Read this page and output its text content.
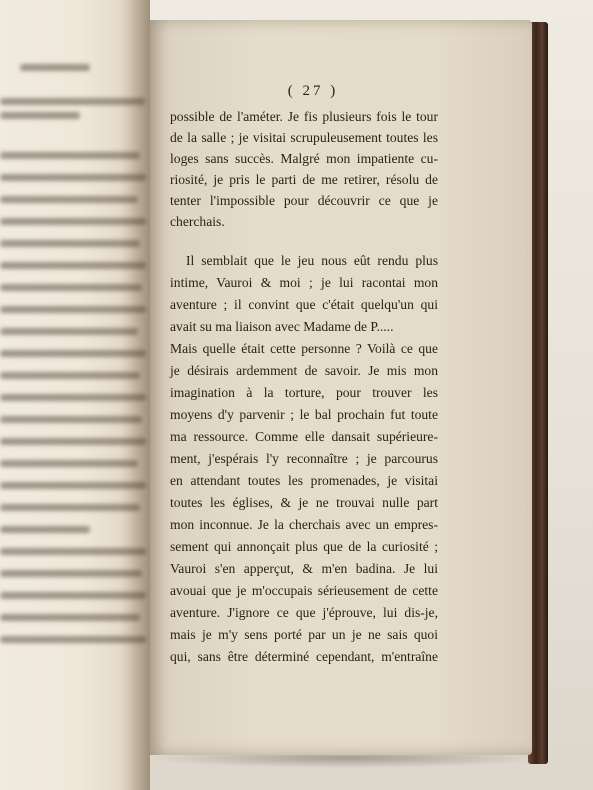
( 27 )
possible de l'améter. Je fis plusieurs fois le tour
de la salle ; je visitai scrupuleusement toutes les
loges sans succès. Malgré mon impatiente cu-
riosité, je pris le parti de me retirer, résolu de
tenter l'impossible pour découvrir ce que je
cherchais.
Il semblait que le jeu nous eût rendu plus
intime, Vauroi & moi ; je lui racontai mon
aventure ; il convint que c'était quelqu'un qui
avait su ma liaison avec Madame de P.....
Mais quelle était cette personne ? Voilà ce que
je désirais ardemment de savoir. Je mis mon
imagination à la torture, pour trouver les
moyens d'y parvenir ; le bal prochain fut toute
ma ressource. Comme elle dansait supérieure-
ment, j'espérais l'y reconnaître ; je parcourus
en attendant toutes les promenades, je visitai
toutes les églises, & je ne trouvai nulle part
mon inconnue. Je la cherchais avec un empres-
sement qui annonçait plus que de la curiosité ;
Vauroi s'en apperçut, & m'en badina. Je lui
avouai que je m'occupais sérieusement de cette
aventure. J'ignore ce que j'éprouve, lui dis-je,
mais je m'y sens porté par un je ne sais quoi
qui, sans être déterminé cependant, m'entraîne
